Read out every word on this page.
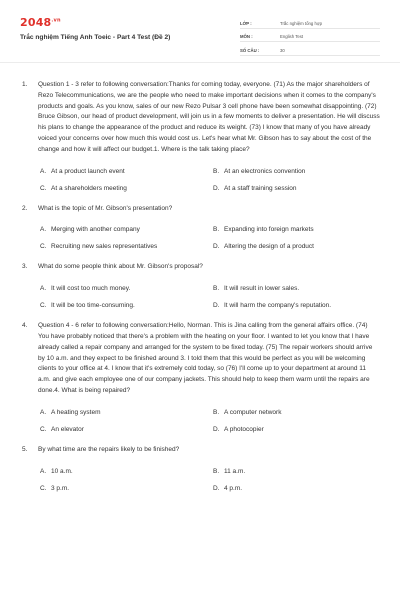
$2048^{.vn}$
Trắc nghiệm Tiếng Anh Toeic - Part 4 Test (Đề 2)
LỚP :	Trắc nghiệm tổng hợp
MÔN :	English Test
SỐ CÂU :	30
1. Question 1 - 3 refer to following conversation:Thanks for coming today, everyone. (71) As the major shareholders of Rezo Telecommunications, we are the people who need to make important decisions when it comes to the company's products and goals. As you know, sales of our new Rezo Pulsar 3 cell phone have been somewhat disappointing. (72) Bruce Gibson, our head of product development, will join us in a few moments to deliver a presentation. He will discuss his plans to change the appearance of the product and reduce its weight. (73) I know that many of you have already voiced your concerns over how much this would cost us. Let's hear what Mr. Gibson has to say about the cost of the change and how it will affect our budget.1. Where is the talk taking place?
A. At a product launch event	B. At an electronics convention
C. At a shareholders meeting	D. At a staff training session
2. What is the topic of Mr. Gibson's presentation?
A. Merging with another company	B. Expanding into foreign markets
C. Recruiting new sales representatives	D. Altering the design of a product
3. What do some people think about Mr. Gibson's proposal?
A. It will cost too much money.	B. It will result in lower sales.
C. It will be too time-consuming.	D. It will harm the company's reputation.
4. Question 4 - 6 refer to following conversation:Hello, Norman. This is Jina calling from the general affairs office. (74) You have probably noticed that there's a problem with the heating on your floor. I wanted to let you know that I have already called a repair company and arranged for the system to be fixed today. (75) The repair workers should arrive by 10 a.m. and they expect to be finished around 3. I told them that this would be perfect as you will be welcoming clients to your office at 4. I know that it's extremely cold today, so (76) I'll come up to your department at around 11 a.m. and give each employee one of our company jackets. This should help to keep them warm until the repairs are done.4. What is being repaired?
A. A heating system	B. A computer network
C. An elevator	D. A photocopier
5. By what time are the repairs likely to be finished?
A. 10 a.m.	B. 11 a.m.
C. 3 p.m.	D. 4 p.m.
